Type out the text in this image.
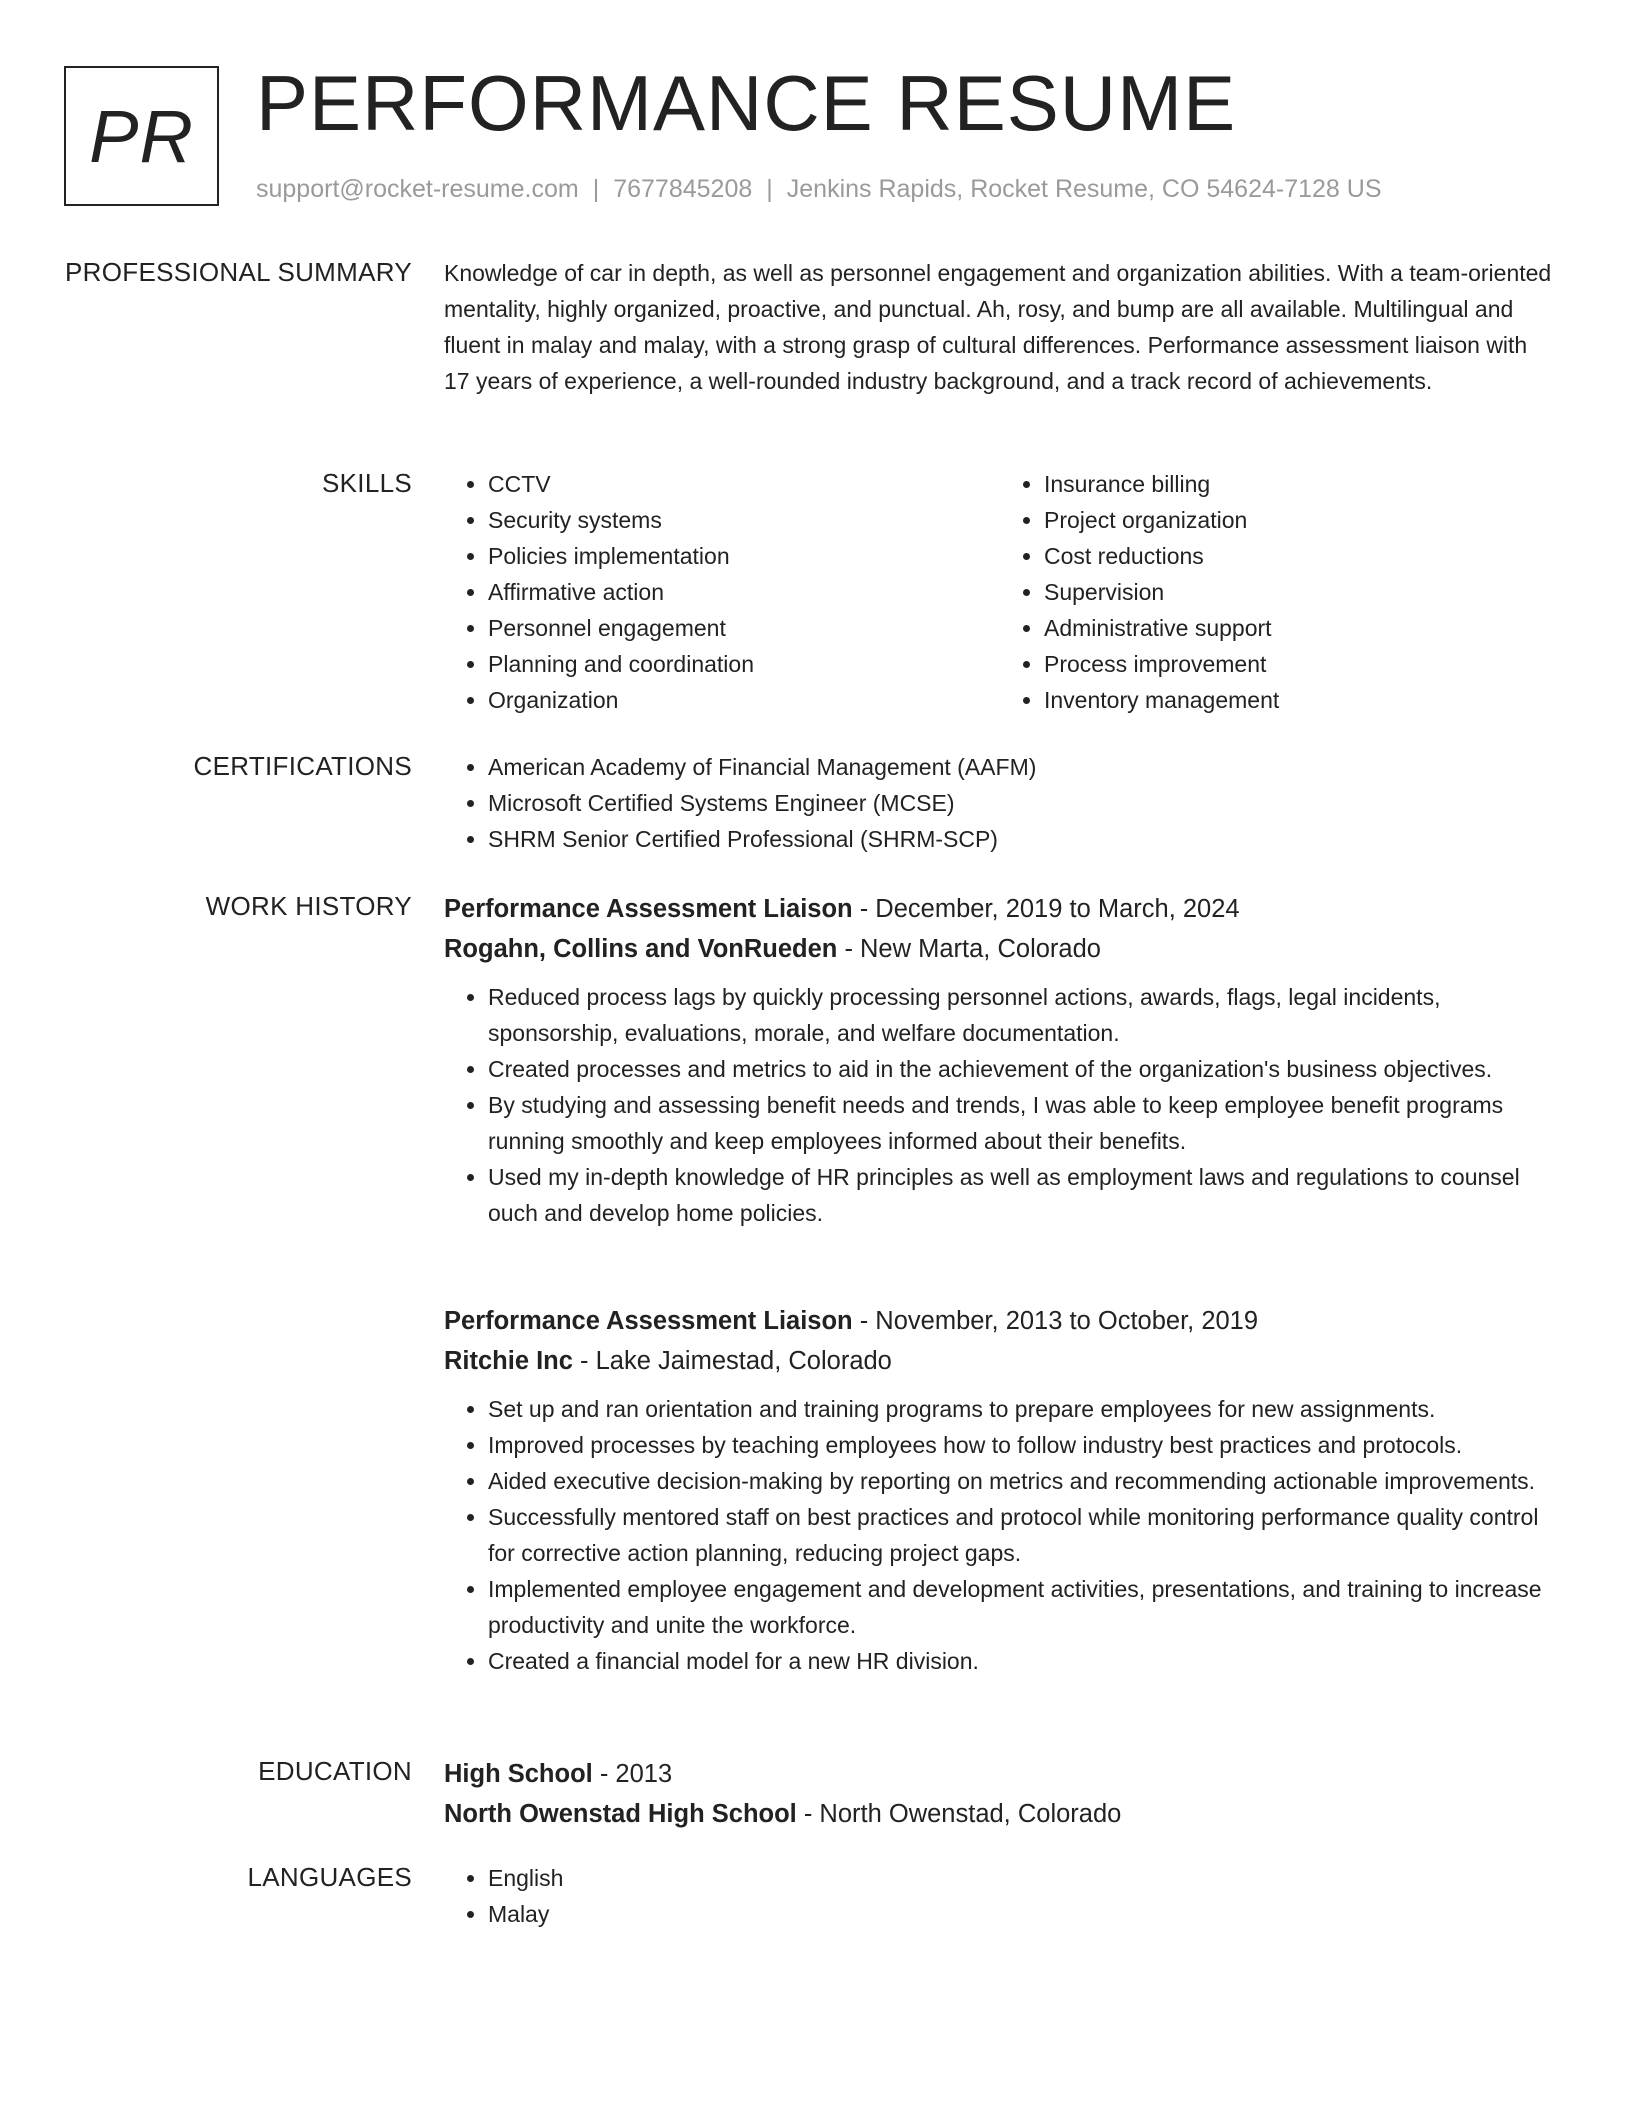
PR PERFORMANCE RESUME
support@rocket-resume.com | 7677845208 | Jenkins Rapids, Rocket Resume, CO 54624-7128 US
PROFESSIONAL SUMMARY Knowledge of car in depth, as well as personnel engagement and organization abilities. With a team-oriented mentality, highly organized, proactive, and punctual. Ah, rosy, and bump are all available. Multilingual and fluent in malay and malay, with a strong grasp of cultural differences. Performance assessment liaison with 17 years of experience, a well-rounded industry background, and a track record of achievements.

SKILLS	• CCTV
• Security systems
• Policies implementation
• Affirmative action
• Personnel engagement
• Planning and coordination
• Organization
• Insurance billing
• Project organization
• Cost reductions
• Supervision
• Administrative support
• Process improvement
• Inventory management
CERTIFICATIONS	• American Academy of Financial Management (AAFM)
• Microsoft Certified Systems Engineer (MCSE)
• SHRM Senior Certified Professional (SHRM-SCP)
WORK HISTORY Performance Assessment Liaison - December, 2019 to March, 2024
Rogahn, Collins and VonRueden - New Marta, Colorado
• Reduced process lags by quickly processing personnel actions, awards, flags, legal incidents, sponsorship, evaluations, morale, and welfare documentation.
• Created processes and metrics to aid in the achievement of the organization's business objectives.
• By studying and assessing benefit needs and trends, I was able to keep employee benefit programs running smoothly and keep employees informed about their benefits.
• Used my in-depth knowledge of HR principles as well as employment laws and regulations to counsel ouch and develop home policies.
Performance Assessment Liaison - November, 2013 to October, 2019
Ritchie Inc - Lake Jaimestad, Colorado
• Set up and ran orientation and training programs to prepare employees for new assignments.
• Improved processes by teaching employees how to follow industry best practices and protocols.
• Aided executive decision-making by reporting on metrics and recommending actionable improvements.
• Successfully mentored staff on best practices and protocol while monitoring performance quality control for corrective action planning, reducing project gaps.
• Implemented employee engagement and development activities, presentations, and training to increase productivity and unite the workforce.
• Created a financial model for a new HR division.
EDUCATION High School - 2013
North Owenstad High School - North Owenstad, Colorado
LANGUAGES	• English
• Malay
